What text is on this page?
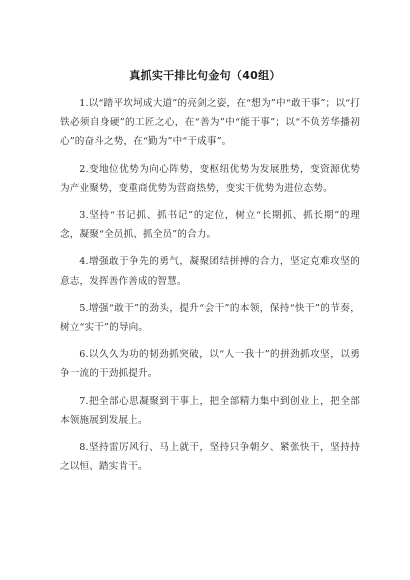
真抓实干排比句金句（40组）

1.以“踏平坎坷成大道”的亮剑之姿，在“想为”中“敢干事”；以“打铁必须自身硬”的工匠之心，在“善为”中“能干事”；以“不负芳华播初心”的奋斗之势，在“勤为”中“干成事”。

2.变地位优势为向心阵势，变枢纽优势为发展胜势，变资源优势为产业聚势，变重商优势为营商热势，变实干优势为进位态势。

3.坚持“书记抓、抓书记”的定位，树立“长期抓、抓长期”的理念，凝聚“全员抓、抓全员”的合力。

4.增强敢于争先的勇气，凝聚团结拼搏的合力，坚定克难攻坚的意志，发挥善作善成的智慧。

5.增强“敢干”的劲头，提升“会干”的本领，保持“快干”的节奏，树立“实干”的导向。

6.以久久为功的韧劲抓突破，以“人一我十”的拼劲抓攻坚，以勇争一流的干劲抓提升。

7.把全部心思凝聚到干事上，把全部精力集中到创业上，把全部本领施展到发展上。

8.坚持雷厉风行、马上就干，坚持只争朝夕、紧张快干，坚持持之以恒、踏实肯干。
